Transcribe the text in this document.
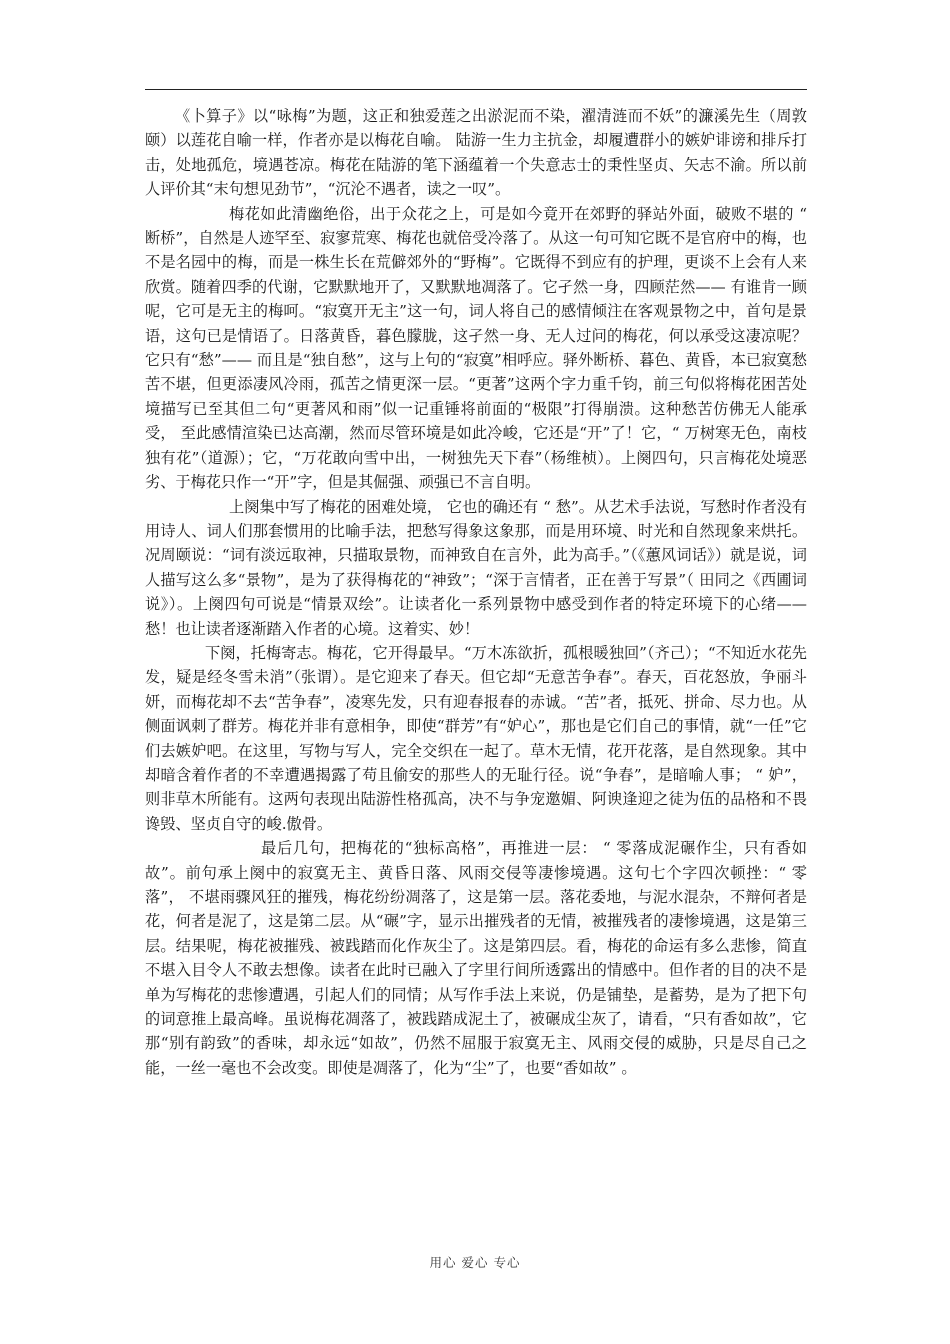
《卜算子》以“咏梅”为题，这正和独爱莲之出淤泥而不染，濯清涟而不妖”的濂溪先生（周敦颐）以莲花自喻一样，作者亦是以梅花自喻。 陆游一生力主抗金，却履遭群小的嫉妒诽谤和排斥打击，处地孤危，境遇苍凉。梅花在陆游的笔下涵蕴着一个失意志士的秉性坚贞、矢志不渝。所以前人评价其“末句想见劲节”，“沉沦不遇者，读之一叹”。

梅花如此清幽绝俗，出于众花之上，可是如今竟开在郊野的驿站外面，破败不堪的 “ 断桥”，自然是人迹罕至、寂寥荒寒、梅花也就倍受冷落了。从这一句可知它既不是官府中的梅，也不是名园中的梅，而是一株生长在荒僻郊外的“野梅”。它既得不到应有的护理，更谈不上会有人来欣赏。随着四季的代谢，它默默地开了，又默默地凋落了。它孑然一身，四顾茫然—— 有谁肯一顾呢，它可是无主的梅呵。“寂寞开无主”这一句，词人将自己的感情倾注在客观景物之中，首句是景语，这句已是情语了。日落黄昏，暮色朦胧，这孑然一身、无人过问的梅花，何以承受这凄凉呢？它只有“愁”—— 而且是“独自愁”，这与上句的“寂寞”相呼应。驿外断桥、暮色、黄昏，本已寂寞愁苦不堪，但更添凄风冷雨，孤苦之情更深一层。“更著”这两个字力重千钧，前三句似将梅花困苦处境描写已至其但二句“更著风和雨”似一记重锤将前面的“极限”打得崩溃。这种愁苦仿佛无人能承受， 至此感情渲染已达高潮，然而尽管环境是如此冷峻，它还是“开”了！它，“ 万树寒无色，南枝独有花”（道源）；它，“万花敢向雪中出，一树独先天下春”（杨维桢）。上阕四句，只言梅花处境恶劣、于梅花只作一“开”字，但是其倔强、顽强已不言自明。

上阕集中写了梅花的困难处境， 它也的确还有 “ 愁”。从艺术手法说，写愁时作者没有用诗人、词人们那套惯用的比喻手法，把愁写得象这象那，而是用环境、时光和自然现象来烘托。况周颐说：“词有淡远取神，只描取景物，而神致自在言外，此为高手。”（《蕙风词话》）就是说，词人描写这么多“景物”，是为了获得梅花的“神致”；“深于言情者，正在善于写景”（ 田同之《西圃词说》）。上阕四句可说是“情景双绘”。让读者化一系列景物中感受到作者的特定环境下的心绪—— 愁！也让读者逐渐踏入作者的心境。这着实、妙！

下阕，托梅寄志。梅花，它开得最早。“万木冻欲折，孤根暖独回”（齐己）；“不知近水花先发，疑是经冬雪未消”（张谓）。是它迎来了春天。但它却“无意苦争春”。春天，百花怒放，争丽斗妍，而梅花却不去“苦争春”，凌寒先发，只有迎春报春的赤诚。“苦”者，抵死、拼命、尽力也。从侧面讽刺了群芳。梅花并非有意相争，即使“群芳”有“妒心”，那也是它们自己的事情，就“一任”它们去嫉妒吧。在这里，写物与写人，完全交织在一起了。草木无情，花开花落，是自然现象。其中却暗含着作者的不幸遭遇揭露了苟且偷安的那些人的无耻行径。说“争春”，是暗喻人事； “ 妒”，则非草木所能有。这两句表现出陆游性格孤高，决不与争宠邀媚、阿谀逢迎之徒为伍的品格和不畏谗毁、坚贞自守的峻.傲骨。

最后几句，把梅花的“独标高格”，再推进一层： “ 零落成泥碾作尘，只有香如故”。前句承上阕中的寂寞无主、黄昏日落、风雨交侵等凄惨境遇。这句七个字四次顿挫：“ 零落”， 不堪雨骤风狂的摧残，梅花纷纷凋落了，这是第一层。落花委地，与泥水混杂，不辩何者是花，何者是泥了，这是第二层。从“碾”字，显示出摧残者的无情，被摧残者的凄惨境遇，这是第三层。结果呢，梅花被摧残、被践踏而化作灰尘了。这是第四层。看，梅花的命运有多么悲惨，简直不堪入目令人不敢去想像。读者在此时已融入了字里行间所透露出的情感中。但作者的目的决不是单为写梅花的悲惨遭遇，引起人们的同情；从写作手法上来说，仍是铺垫，是蓄势，是为了把下句的词意推上最高峰。虽说梅花凋落了，被践踏成泥土了，被碾成尘灰了，请看，“只有香如故”，它那“别有韵致”的香味，却永远“如故”，仍然不屈服于寂寞无主、风雨交侵的威胁，只是尽自己之能，一丝一毫也不会改变。即使是凋落了，化为“尘”了，也要“香如故” 。

用心 爱心 专心
